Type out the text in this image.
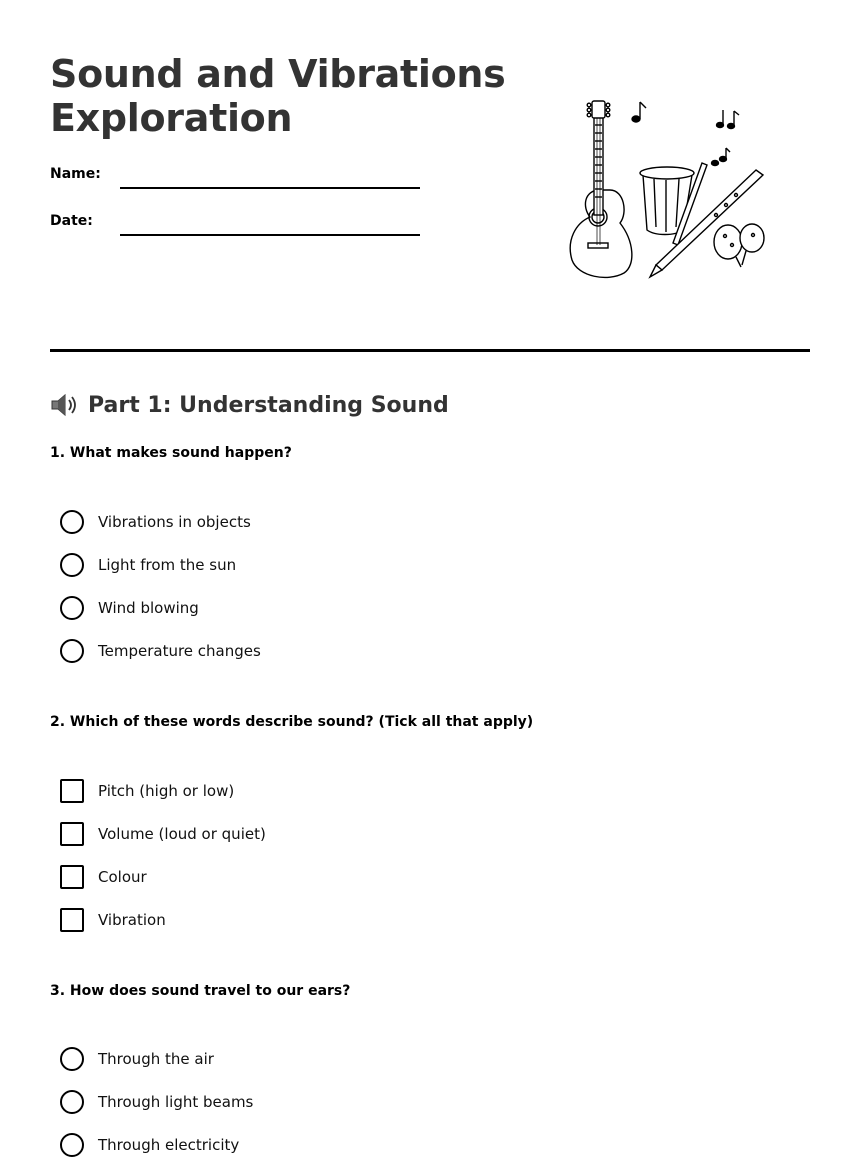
Sound and Vibrations
Exploration
Name:
Date:
Part 1: Understanding Sound
1. What makes sound happen?
Vibrations in objects
Light from the sun
Wind blowing
Temperature changes
2. Which of these words describe sound? (Tick all that apply)
Pitch (high or low)
Volume (loud or quiet)
Colour
Vibration
3. How does sound travel to our ears?
Through the air
Through light beams
Through electricity
